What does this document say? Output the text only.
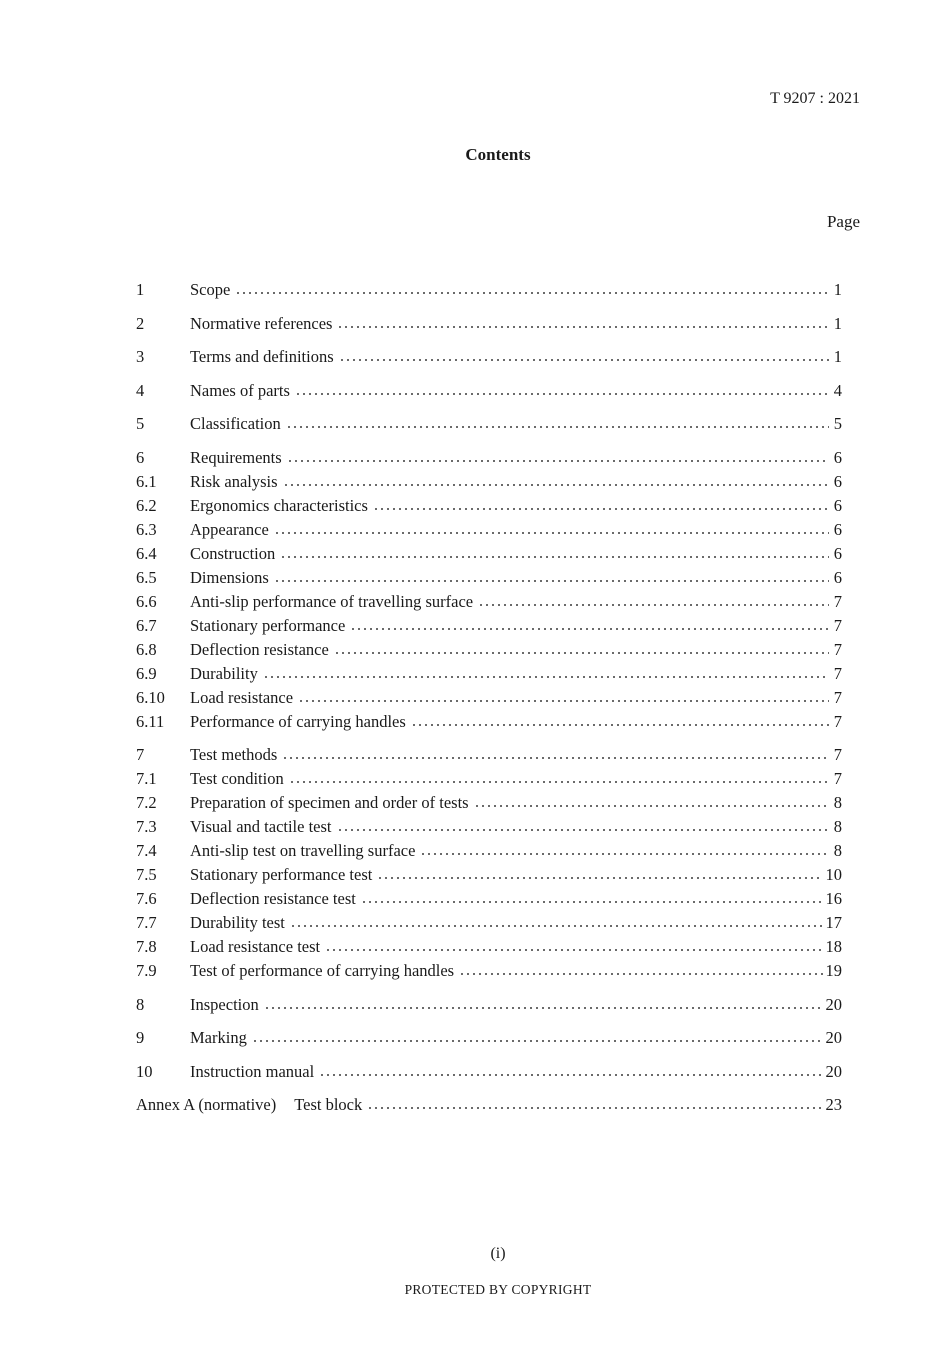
T 9207 : 2021
Contents
Page
1	Scope	1
2	Normative references	1
3	Terms and definitions	1
4	Names of parts	4
5	Classification	5
6	Requirements	6
6.1	Risk analysis	6
6.2	Ergonomics characteristics	6
6.3	Appearance	6
6.4	Construction	6
6.5	Dimensions	6
6.6	Anti-slip performance of travelling surface	7
6.7	Stationary performance	7
6.8	Deflection resistance	7
6.9	Durability	7
6.10	Load resistance	7
6.11	Performance of carrying handles	7
7	Test methods	7
7.1	Test condition	7
7.2	Preparation of specimen and order of tests	8
7.3	Visual and tactile test	8
7.4	Anti-slip test on travelling surface	8
7.5	Stationary performance test	10
7.6	Deflection resistance test	16
7.7	Durability test	17
7.8	Load resistance test	18
7.9	Test of performance of carrying handles	19
8	Inspection	20
9	Marking	20
10	Instruction manual	20
Annex A (normative)	Test block	23
(i)
PROTECTED BY COPYRIGHT
